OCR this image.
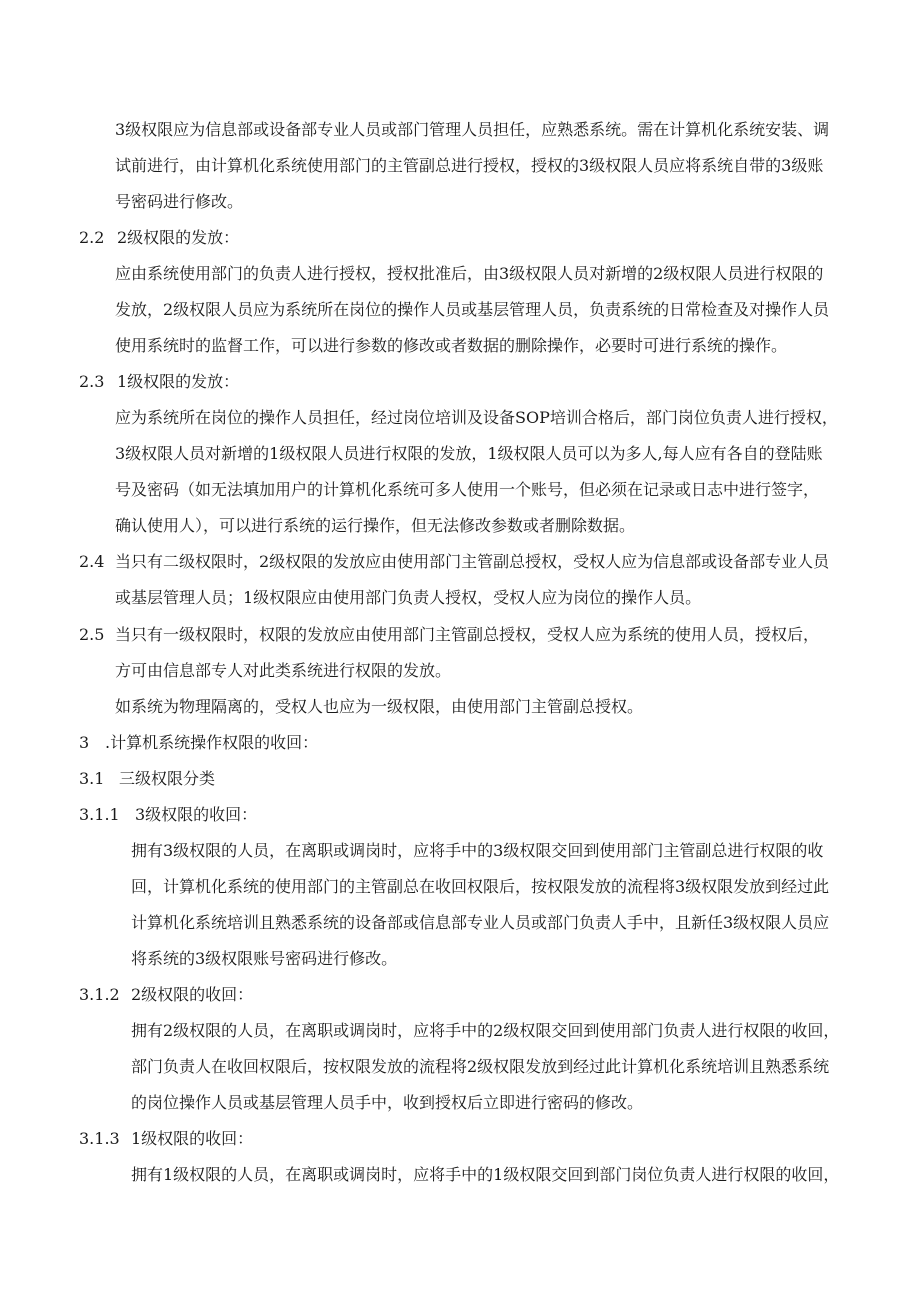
3级权限应为信息部或设备部专业人员或部门管理人员担任，应熟悉系统。需在计算机化系统安装、调
试前进行，由计算机化系统使用部门的主管副总进行授权，授权的3级权限人员应将系统自带的3级账
号密码进行修改。
2.2 2级权限的发放：
应由系统使用部门的负责人进行授权，授权批准后，由3级权限人员对新增的2级权限人员进行权限的
发放，2级权限人员应为系统所在岗位的操作人员或基层管理人员，负责系统的日常检查及对操作人员
使用系统时的监督工作，可以进行参数的修改或者数据的删除操作，必要时可进行系统的操作。
2.3 1级权限的发放：
应为系统所在岗位的操作人员担任，经过岗位培训及设备SOP培训合格后，部门岗位负责人进行授权，
3级权限人员对新增的1级权限人员进行权限的发放，1级权限人员可以为多人,每人应有各自的登陆账
号及密码（如无法填加用户的计算机化系统可多人使用一个账号，但必须在记录或日志中进行签字，
确认使用人），可以进行系统的运行操作，但无法修改参数或者删除数据。
2.4 当只有二级权限时，2级权限的发放应由使用部门主管副总授权，受权人应为信息部或设备部专业人员
或基层管理人员；1级权限应由使用部门负责人授权，受权人应为岗位的操作人员。
2.5 当只有一级权限时，权限的发放应由使用部门主管副总授权，受权人应为系统的使用人员，授权后，
方可由信息部专人对此类系统进行权限的发放。
如系统为物理隔离的，受权人也应为一级权限，由使用部门主管副总授权。
3 .计算机系统操作权限的收回：
3.1 三级权限分类
3.1.1 3级权限的收回：
拥有3级权限的人员，在离职或调岗时，应将手中的3级权限交回到使用部门主管副总进行权限的收
回，计算机化系统的使用部门的主管副总在收回权限后，按权限发放的流程将3级权限发放到经过此
计算机化系统培训且熟悉系统的设备部或信息部专业人员或部门负责人手中，且新任3级权限人员应
将系统的3级权限账号密码进行修改。
3.1.2 2级权限的收回：
拥有2级权限的人员，在离职或调岗时，应将手中的2级权限交回到使用部门负责人进行权限的收回，
部门负责人在收回权限后，按权限发放的流程将2级权限发放到经过此计算机化系统培训且熟悉系统
的岗位操作人员或基层管理人员手中，收到授权后立即进行密码的修改。
3.1.3 1级权限的收回：
拥有1级权限的人员，在离职或调岗时，应将手中的1级权限交回到部门岗位负责人进行权限的收回，
